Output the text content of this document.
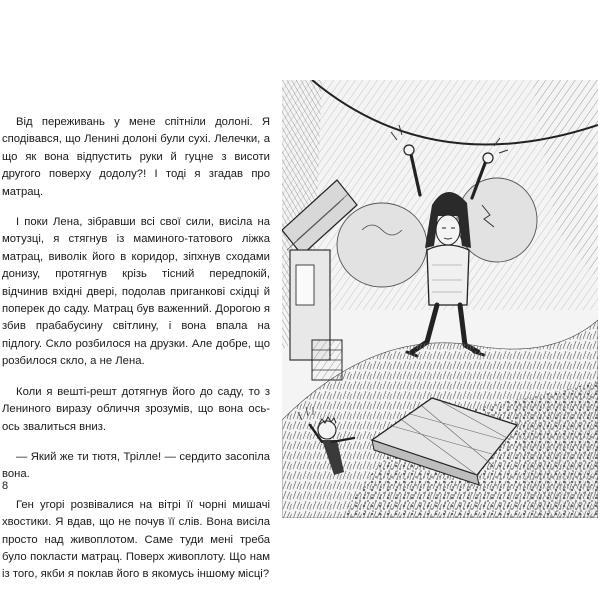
Від переживань у мене спітніли долоні. Я сподівався, що Ленині долоні були сухі. Лелечки, а що як вона відпустить руки й гуцне з висоти другого поверху додолу?! І тоді я згадав про матрац.

І поки Лена, зібравши всі свої сили, висіла на мотузці, я стягнув із маминого-татового ліжка матрац, виволік його в коридор, зіпхнув сходами донизу, протягнув крізь тісний передпокій, відчинив вхідні двері, подолав приганкові східці й поперек до саду. Матрац був важенний. Дорогою я збив прабабусину світлину, і вона впала на підлогу. Скло розбилося на друзки. Але добре, що розбилося скло, а не Лена.

Коли я вешті-решт дотягнув його до саду, то з Лениного виразу обличчя зрозумів, що вона ось-ось звалиться вниз.

— Який же ти тютя, Трілле! — сердито засопіла вона.

Ген угорі розвівалися на вітрі її чорні мишачі хвостики. Я вдав, що не почув її слів. Вона висіла просто над живоплотом. Саме туди мені треба було покласти матрац. Поверх живоплоту. Що нам із того, якби я поклав його в якомусь іншому місці?

8
